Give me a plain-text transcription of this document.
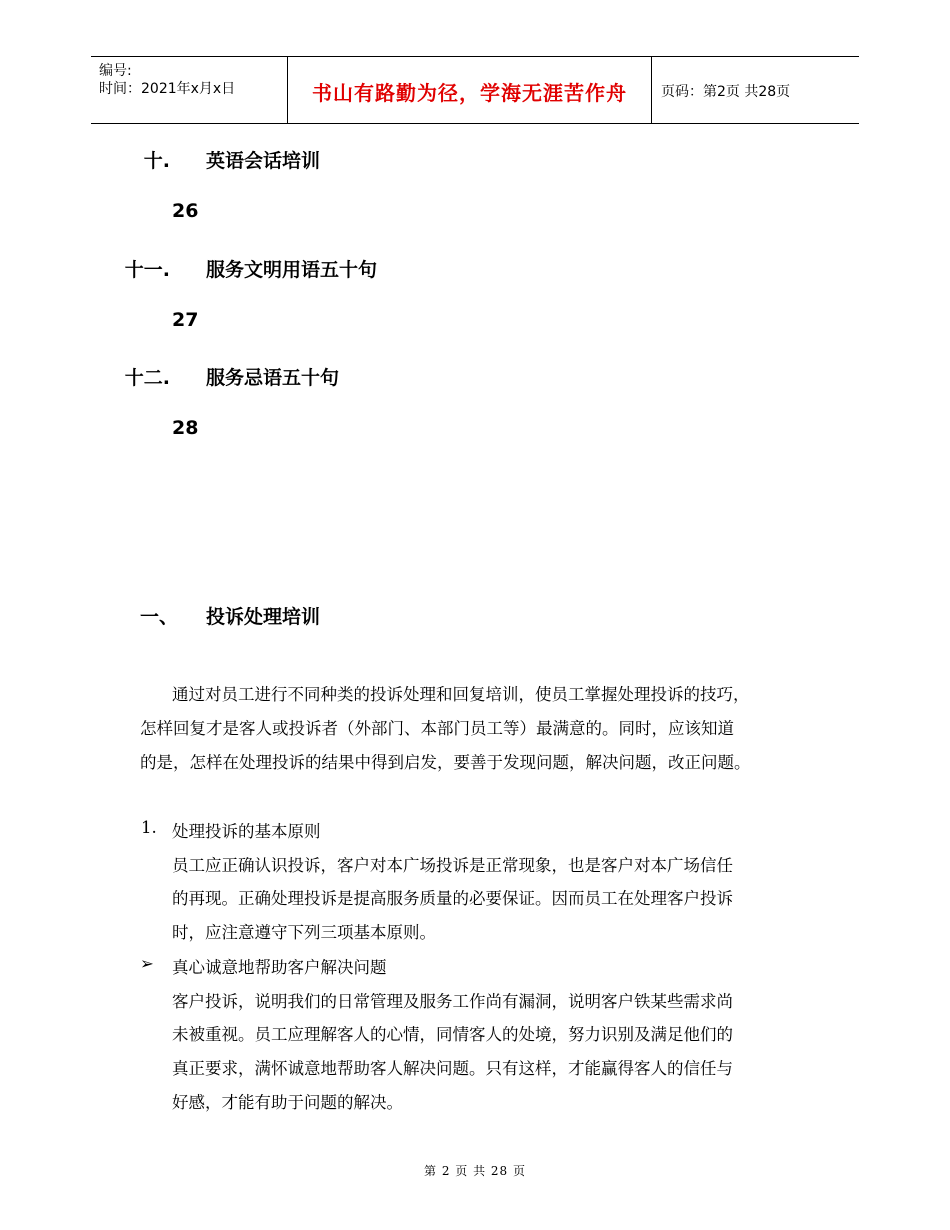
编号:
时间：2021年x月x日	书山有路勤为径，学海无涯苦作舟	页码：第2页 共28页
十. 英语会话培训
26
十一. 服务文明用语五十句
27
十二. 服务忌语五十句
28
一、 投诉处理培训
通过对员工进行不同种类的投诉处理和回复培训，使员工掌握处理投诉的技巧，
怎样回复才是客人或投诉者（外部门、本部门员工等）最满意的。同时，应该知道
的是，怎样在处理投诉的结果中得到启发，要善于发现问题，解决问题，改正问题。
1. 处理投诉的基本原则
员工应正确认识投诉，客户对本广场投诉是正常现象，也是客户对本广场信任
的再现。正确处理投诉是提高服务质量的必要保证。因而员工在处理客户投诉
时，应注意遵守下列三项基本原则。
➢ 真心诚意地帮助客户解决问题
客户投诉，说明我们的日常管理及服务工作尚有漏洞，说明客户铁某些需求尚
未被重视。员工应理解客人的心情，同情客人的处境，努力识别及满足他们的
真正要求，满怀诚意地帮助客人解决问题。只有这样，才能赢得客人的信任与
好感，才能有助于问题的解决。
第 2 页 共 28 页
